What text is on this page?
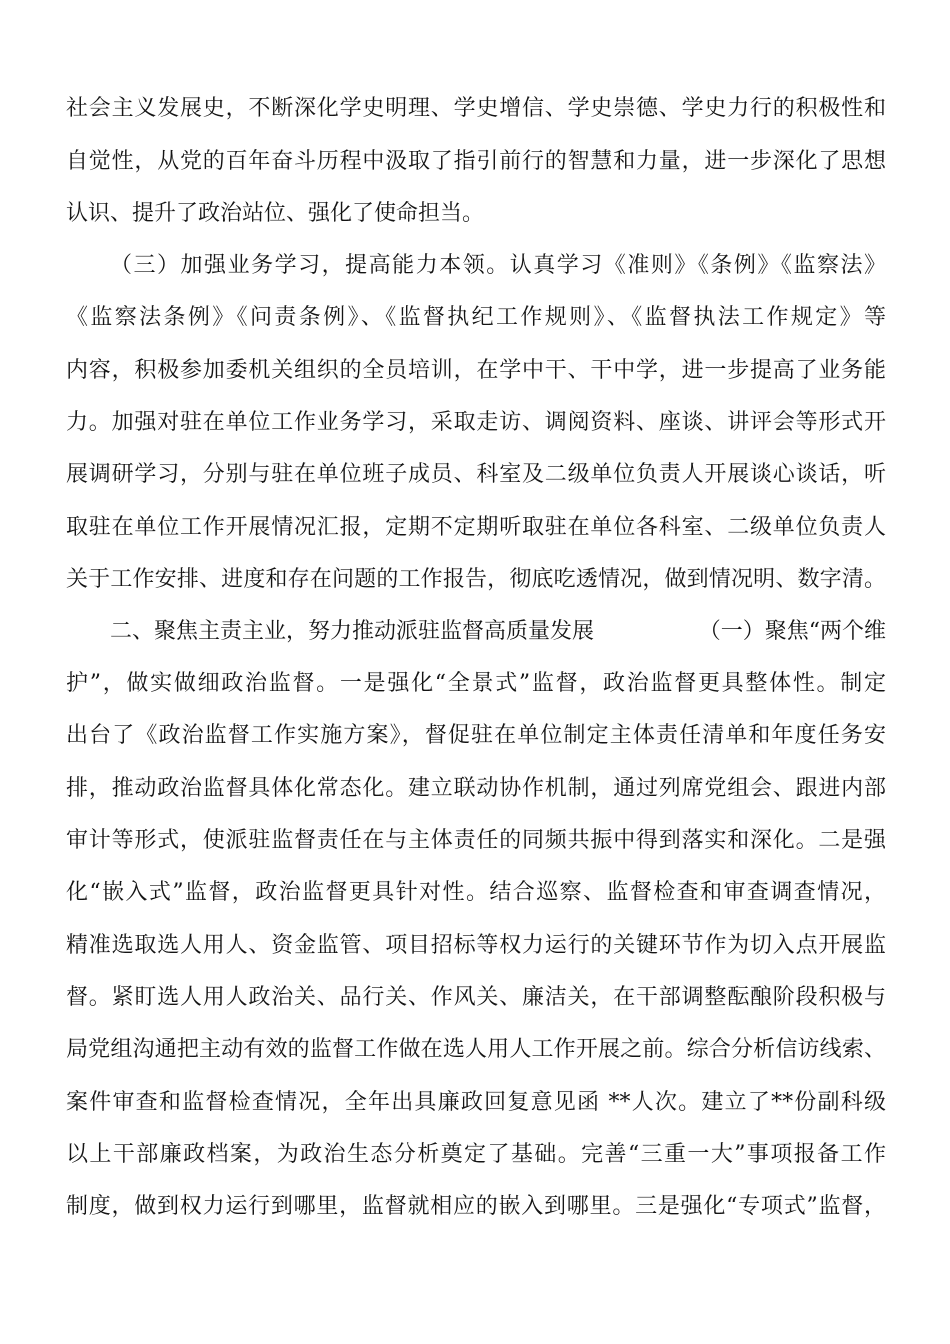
社会主义发展史，不断深化学史明理、学史增信、学史崇德、学史力行的积极性和
自觉性，从党的百年奋斗历程中汲取了指引前行的智慧和力量，进一步深化了思想
认识、提升了政治站位、强化了使命担当。
（三）加强业务学习，提高能力本领。认真学习《准则》《条例》《监察法》
《监察法条例》《问责条例》、《监督执纪工作规则》、《监督执法工作规定》等
内容，积极参加委机关组织的全员培训，在学中干、干中学，进一步提高了业务能
力。加强对驻在单位工作业务学习，采取走访、调阅资料、座谈、讲评会等形式开
展调研学习，分别与驻在单位班子成员、科室及二级单位负责人开展谈心谈话，听
取驻在单位工作开展情况汇报，定期不定期听取驻在单位各科室、二级单位负责人
关于工作安排、进度和存在问题的工作报告，彻底吃透情况，做到情况明、数字清。
二、聚焦主责主业，努力推动派驻监督高质量发展	（一）聚焦“两个维
护”，做实做细政治监督。一是强化“全景式”监督，政治监督更具整体性。制定
出台了《政治监督工作实施方案》，督促驻在单位制定主体责任清单和年度任务安
排，推动政治监督具体化常态化。建立联动协作机制，通过列席党组会、跟进内部
审计等形式，使派驻监督责任在与主体责任的同频共振中得到落实和深化。二是强
化“嵌入式”监督，政治监督更具针对性。结合巡察、监督检查和审查调查情况，
精准选取选人用人、资金监管、项目招标等权力运行的关键环节作为切入点开展监
督。紧盯选人用人政治关、品行关、作风关、廉洁关，在干部调整酝酿阶段积极与
局党组沟通把主动有效的监督工作做在选人用人工作开展之前。综合分析信访线索、
案件审查和监督检查情况，全年出具廉政回复意见函 **人次。建立了**份副科级
以上干部廉政档案，为政治生态分析奠定了基础。完善“三重一大”事项报备工作
制度，做到权力运行到哪里，监督就相应的嵌入到哪里。三是强化“专项式”监督，
